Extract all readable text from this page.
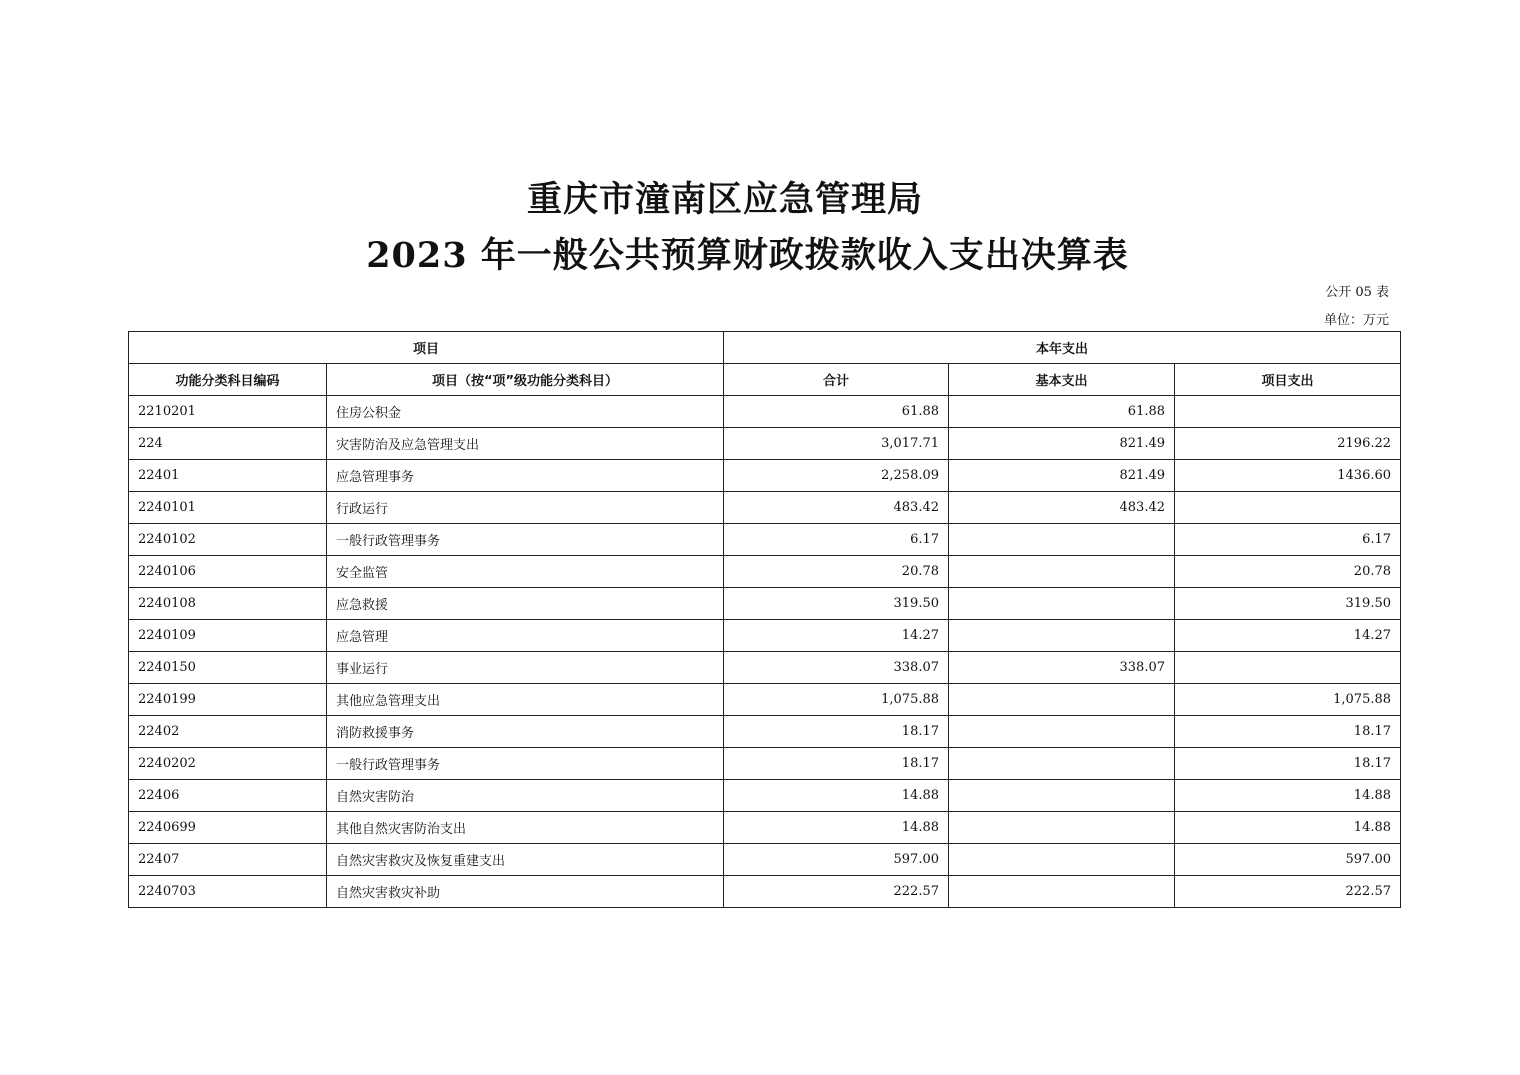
重庆市潼南区应急管理局
2023 年一般公共预算财政拨款收入支出决算表
公开 05 表
单位：万元
项目		本年支出		
功能分类科目编码	项目（按“项”级功能分类科目）	合计	基本支出	项目支出
2210201	住房公积金	61.88	61.88	
224	灾害防治及应急管理支出	3,017.71	821.49	2196.22
22401	应急管理事务	2,258.09	821.49	1436.60
2240101	行政运行	483.42	483.42	
2240102	一般行政管理事务	6.17		6.17
2240106	安全监管	20.78		20.78
2240108	应急救援	319.50		319.50
2240109	应急管理	14.27		14.27
2240150	事业运行	338.07	338.07	
2240199	其他应急管理支出	1,075.88		1,075.88
22402	消防救援事务	18.17		18.17
2240202	一般行政管理事务	18.17		18.17
22406	自然灾害防治	14.88		14.88
2240699	其他自然灾害防治支出	14.88		14.88
22407	自然灾害救灾及恢复重建支出	597.00		597.00
2240703	自然灾害救灾补助	222.57		222.57
